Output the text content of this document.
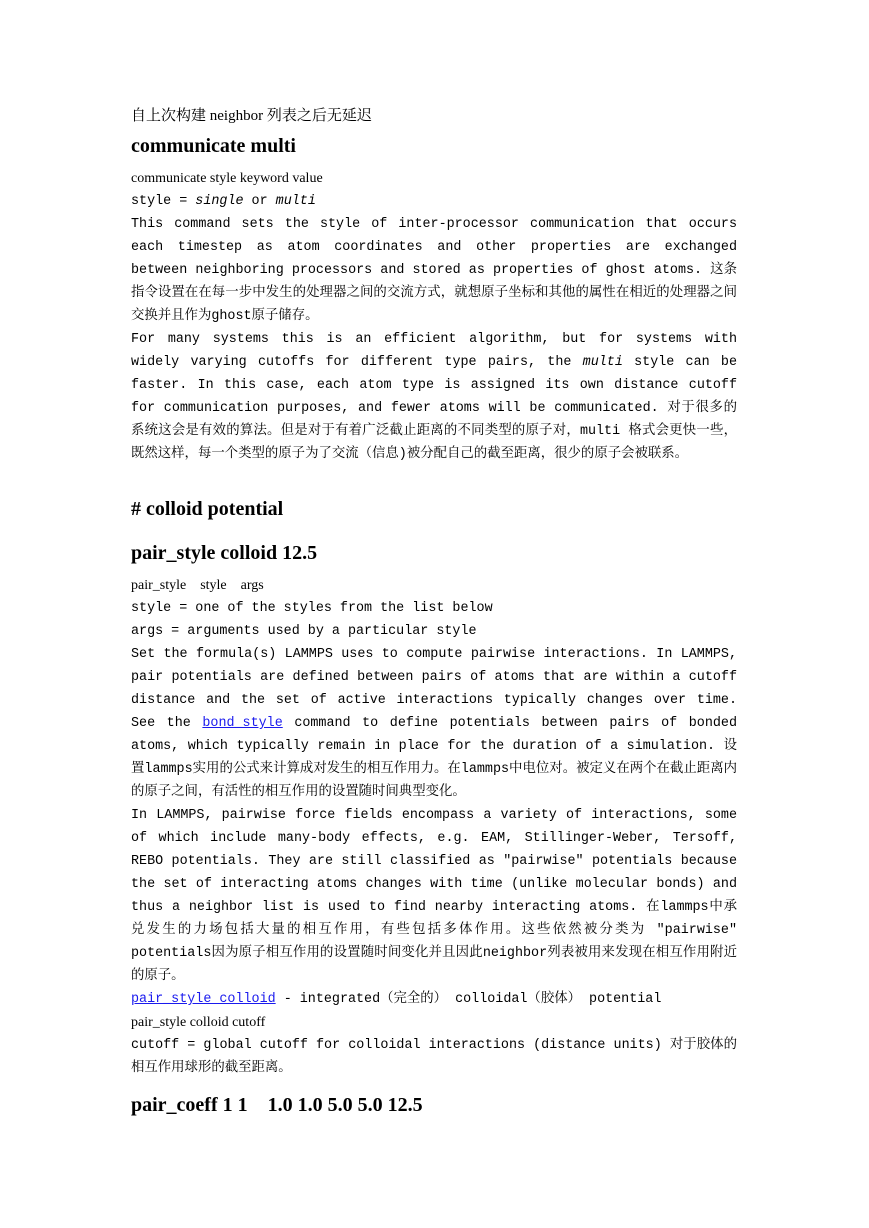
自上次构建 neighbor 列表之后无延迟

communicate multi

communicate style keyword value

style = single or multi

This command sets the style of inter-processor communication that occurs each timestep as atom coordinates and other properties are exchanged between neighboring processors and stored as properties of ghost atoms. 这条指令设置在在每一步中发生的处理器之间的交流方式，就想原子坐标和其他的属性在相近的处理器之间交换并且作为ghost原子储存。

For many systems this is an efficient algorithm, but for systems with widely varying cutoffs for different type pairs, the multi style can be faster. In this case, each atom type is assigned its own distance cutoff for communication purposes, and fewer atoms will be communicated. 对于很多的系统这会是有效的算法。但是对于有着广泛截止距离的不同类型的原子对，multi 格式会更快一些，既然这样，每一个类型的原子为了交流（信息)被分配自己的截至距离，很少的原子会被联系。

# colloid potential
pair_style colloid 12.5

pair_style    style    args

style = one of the styles from the list below

args = arguments used by a particular style

Set the formula(s) LAMMPS uses to compute pairwise interactions. In LAMMPS, pair potentials are defined between pairs of atoms that are within a cutoff distance and the set of active interactions typically changes over time. See the bond_style command to define potentials between pairs of bonded atoms, which typically remain in place for the duration of a simulation. 设置lammps实用的公式来计算成对发生的相互作用力。在lammps中电位对。被定义在两个在截止距离内的原子之间，有活性的相互作用的设置随时间典型变化。

In LAMMPS, pairwise force fields encompass a variety of interactions, some of which include many-body effects, e.g. EAM, Stillinger-Weber, Tersoff, REBO potentials. They are still classified as "pairwise" potentials because the set of interacting atoms changes with time (unlike molecular bonds) and thus a neighbor list is used to find nearby interacting atoms. 在lammps中承兑发生的力场包括大量的相互作用，有些包括多体作用。这些依然被分类为 "pairwise" potentials因为原子相互作用的设置随时间变化并且因此neighbor列表被用来发现在相互作用附近的原子。

pair_style colloid - integrated（完全的） colloidal（胶体） potential

pair_style colloid cutoff

cutoff = global cutoff for colloidal interactions (distance units) 对于胶体的相互作用球形的截至距离。

pair_coeff 1 1    1.0 1.0 5.0 5.0 12.5
